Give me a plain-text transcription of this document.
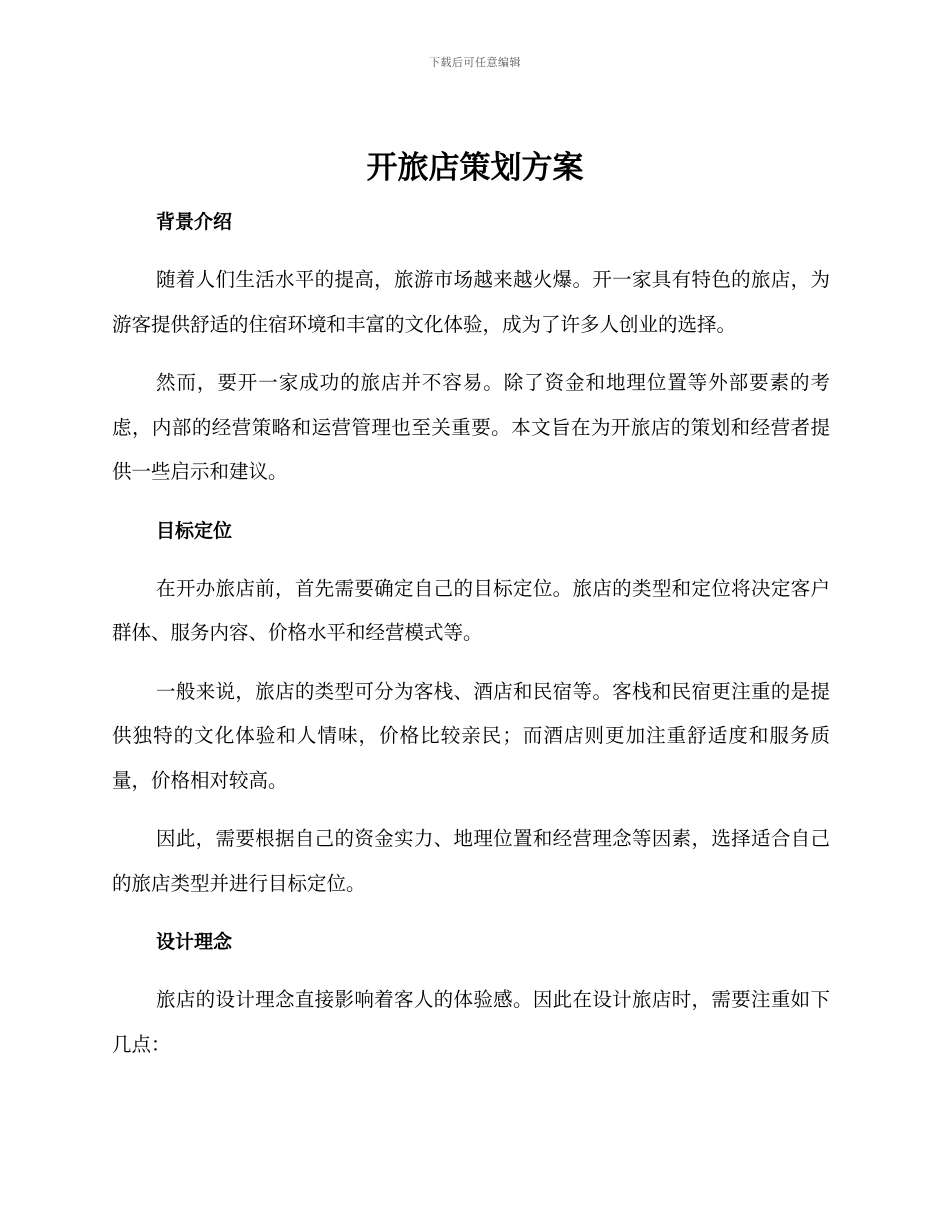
下载后可任意编辑
开旅店策划方案
背景介绍

随着人们生活水平的提高，旅游市场越来越火爆。开一家具有特色的旅店，为游客提供舒适的住宿环境和丰富的文化体验，成为了许多人创业的选择。

然而，要开一家成功的旅店并不容易。除了资金和地理位置等外部要素的考虑，内部的经营策略和运营管理也至关重要。本文旨在为开旅店的策划和经营者提供一些启示和建议。

目标定位

在开办旅店前，首先需要确定自己的目标定位。旅店的类型和定位将决定客户群体、服务内容、价格水平和经营模式等。

一般来说，旅店的类型可分为客栈、酒店和民宿等。客栈和民宿更注重的是提供独特的文化体验和人情味，价格比较亲民；而酒店则更加注重舒适度和服务质量，价格相对较高。

因此，需要根据自己的资金实力、地理位置和经营理念等因素，选择适合自己的旅店类型并进行目标定位。

设计理念

旅店的设计理念直接影响着客人的体验感。因此在设计旅店时，需要注重如下几点：
